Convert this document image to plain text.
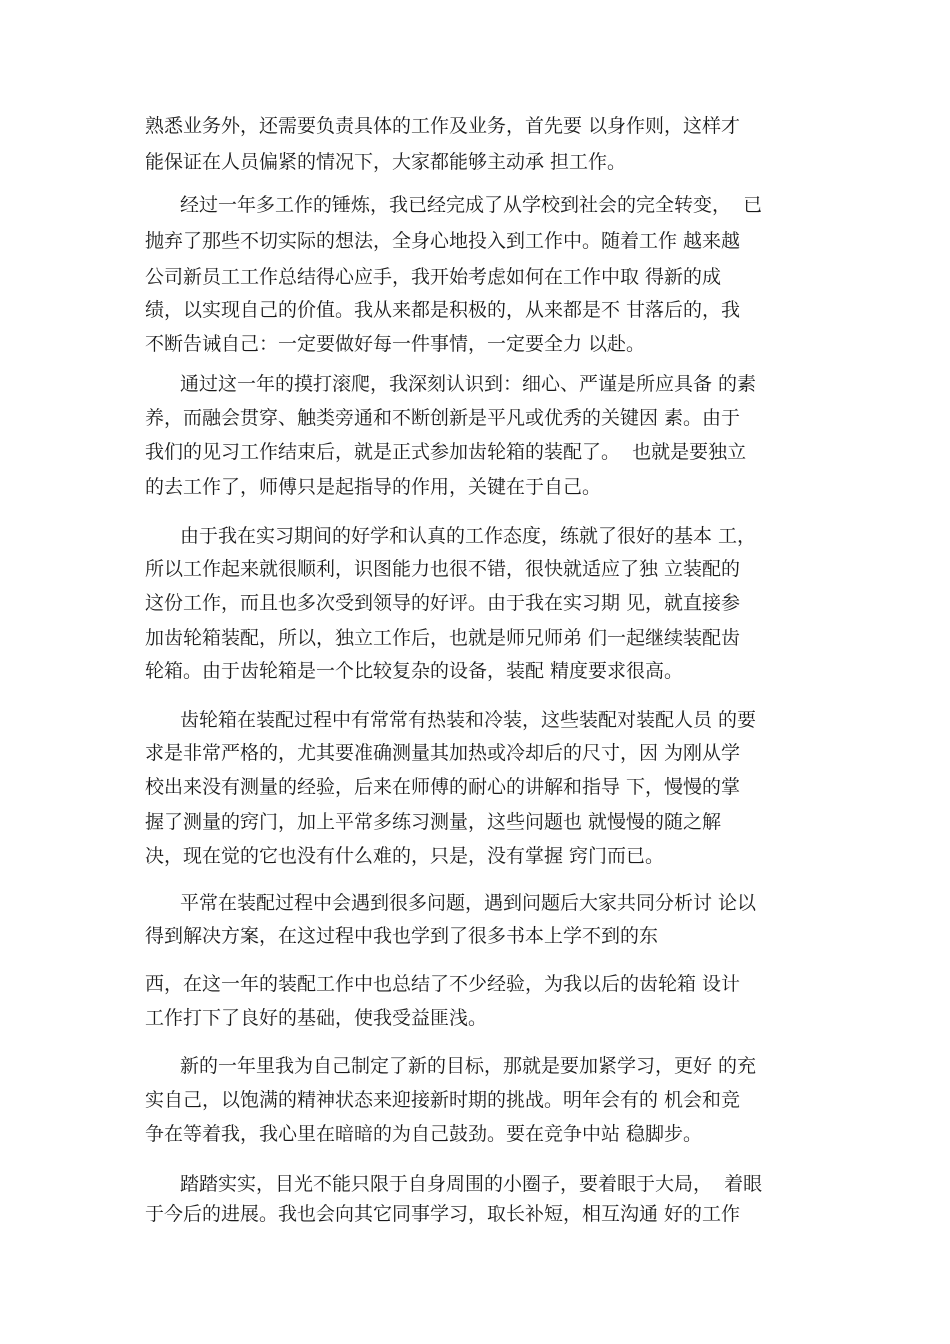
熟悉业务外，还需要负责具体的工作及业务，首先要 以身作则，这样才
能保证在人员偏紧的情况下，大家都能够主动承 担工作。
经过一年多工作的锤炼，我已经完成了从学校到社会的完全转变，  已
抛弃了那些不切实际的想法，全身心地投入到工作中。随着工作 越来越
公司新员工工作总结得心应手，我开始考虑如何在工作中取 得新的成
绩，以实现自己的价值。我从来都是积极的，从来都是不 甘落后的，我
不断告诫自己：一定要做好每一件事情，一定要全力 以赴。
通过这一年的摸打滚爬，我深刻认识到：细心、严谨是所应具备 的素
养，而融会贯穿、触类旁通和不断创新是平凡或优秀的关键因 素。由于
我们的见习工作结束后，就是正式参加齿轮箱的装配了。  也就是要独立
的去工作了，师傅只是起指导的作用，关键在于自己。
由于我在实习期间的好学和认真的工作态度，练就了很好的基本 工，
所以工作起来就很顺利，识图能力也很不错，很快就适应了独 立装配的
这份工作，而且也多次受到领导的好评。由于我在实习期 见，就直接参
加齿轮箱装配，所以，独立工作后，也就是师兄师弟 们一起继续装配齿
轮箱。由于齿轮箱是一个比较复杂的设备，装配 精度要求很高。
齿轮箱在装配过程中有常常有热装和冷装，这些装配对装配人员 的要
求是非常严格的，尤其要准确测量其加热或冷却后的尺寸，因 为刚从学
校出来没有测量的经验，后来在师傅的耐心的讲解和指导 下，慢慢的掌
握了测量的窍门，加上平常多练习测量，这些问题也 就慢慢的随之解
决，现在觉的它也没有什么难的，只是，没有掌握 窍门而已。
平常在装配过程中会遇到很多问题，遇到问题后大家共同分析讨 论以
得到解决方案，在这过程中我也学到了很多书本上学不到的东
西，在这一年的装配工作中也总结了不少经验，为我以后的齿轮箱 设计
工作打下了良好的基础，使我受益匪浅。
新的一年里我为自己制定了新的目标，那就是要加紧学习，更好 的充
实自己，以饱满的精神状态来迎接新时期的挑战。明年会有的 机会和竞
争在等着我，我心里在暗暗的为自己鼓劲。要在竞争中站 稳脚步。
踏踏实实，目光不能只限于自身周围的小圈子，要着眼于大局，  着眼
于今后的进展。我也会向其它同事学习，取长补短，相互沟通 好的工作
